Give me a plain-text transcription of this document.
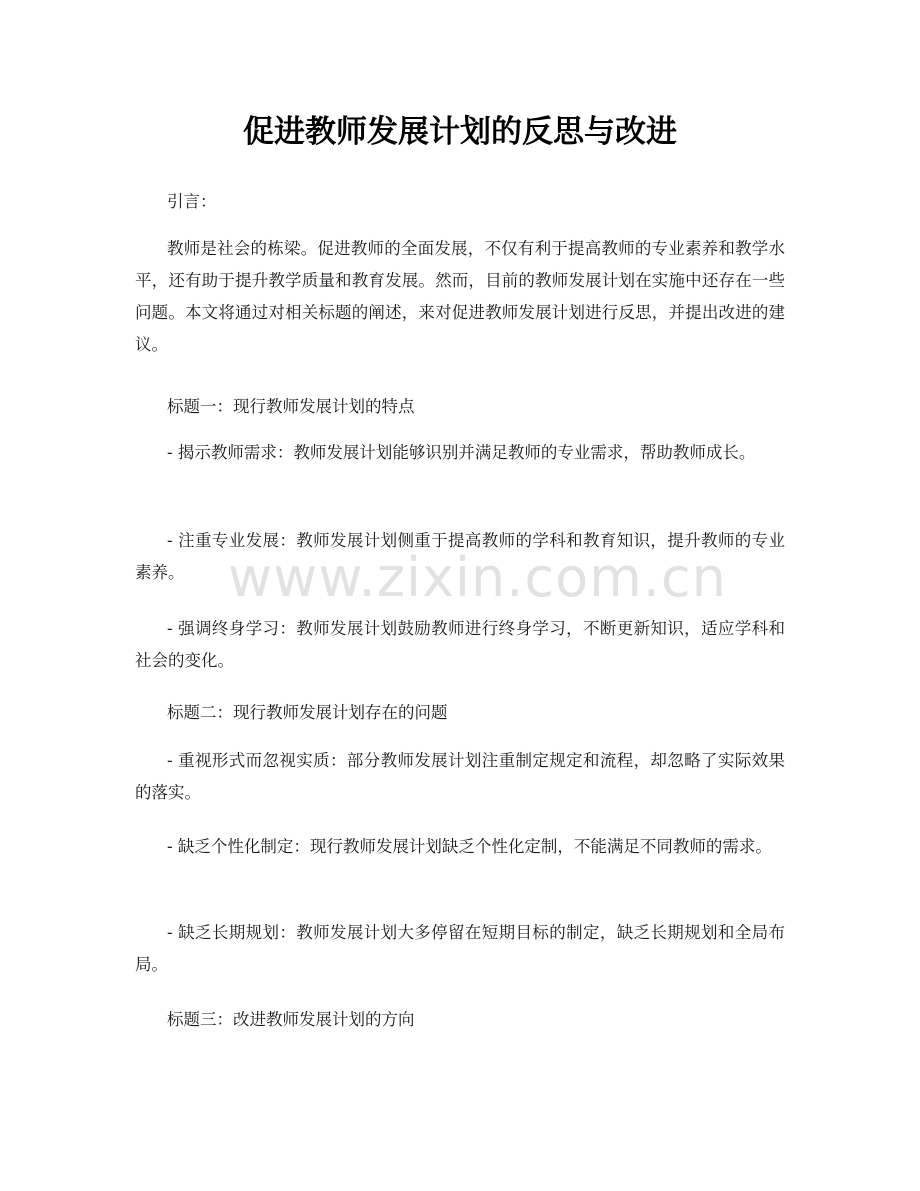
促进教师发展计划的反思与改进

引言：

教师是社会的栋梁。促进教师的全面发展，不仅有利于提高教师的专业素养和教学水平，还有助于提升教学质量和教育发展。然而，目前的教师发展计划在实施中还存在一些问题。本文将通过对相关标题的阐述，来对促进教师发展计划进行反思，并提出改进的建议。

标题一：现行教师发展计划的特点

- 揭示教师需求：教师发展计划能够识别并满足教师的专业需求，帮助教师成长。

- 注重专业发展：教师发展计划侧重于提高教师的学科和教育知识，提升教师的专业素养。

- 强调终身学习：教师发展计划鼓励教师进行终身学习，不断更新知识，适应学科和社会的变化。

标题二：现行教师发展计划存在的问题

- 重视形式而忽视实质：部分教师发展计划注重制定规定和流程，却忽略了实际效果的落实。

- 缺乏个性化制定：现行教师发展计划缺乏个性化定制，不能满足不同教师的需求。

- 缺乏长期规划：教师发展计划大多停留在短期目标的制定，缺乏长期规划和全局布局。

标题三：改进教师发展计划的方向

www.zixin.com.cn
